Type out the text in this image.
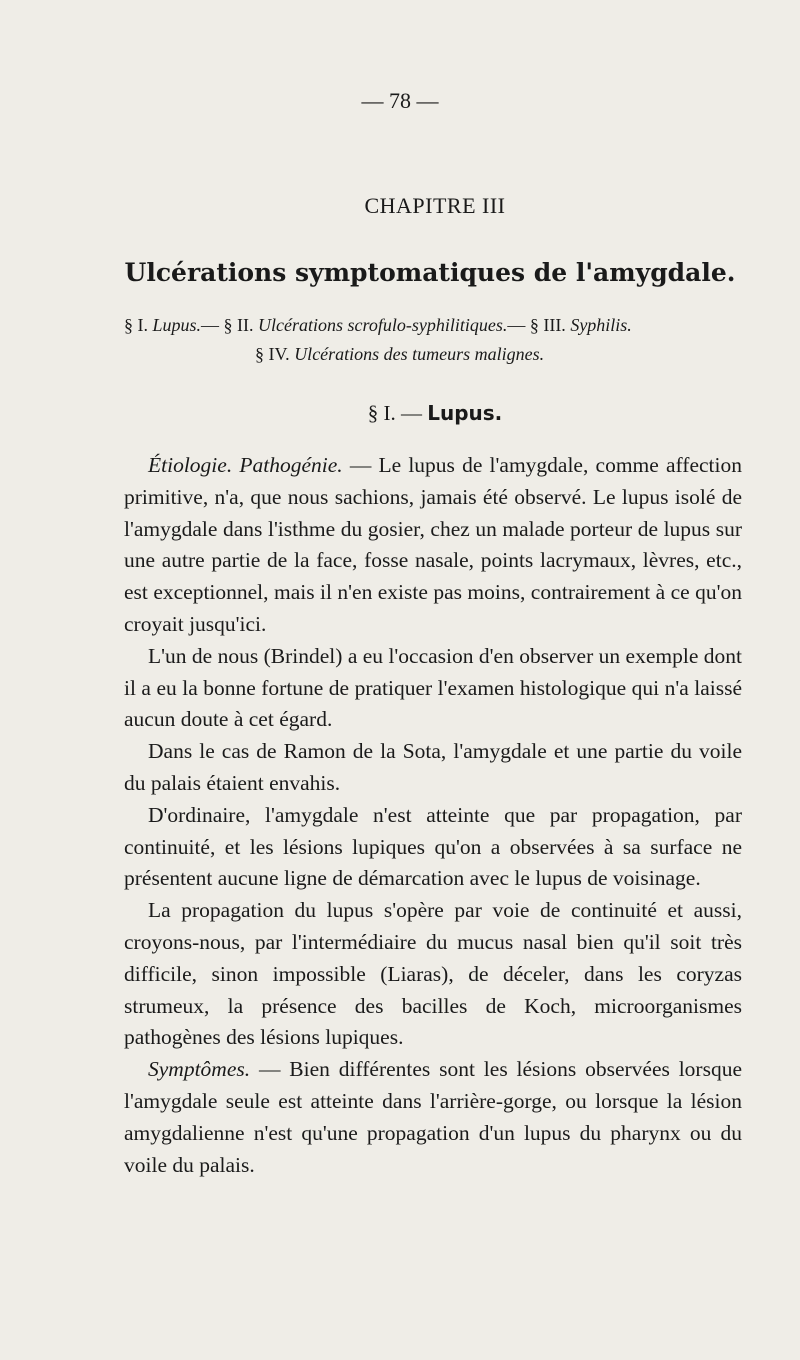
— 78 —
CHAPITRE III
Ulcérations symptomatiques de l'amygdale.
§ I. Lupus.— § II. Ulcérations scrofulo-syphilitiques.— § III. Syphilis.
§ IV. Ulcérations des tumeurs malignes.
§ I. — Lupus.

Étiologie. Pathogénie. — Le lupus de l'amygdale, comme affection primitive, n'a, que nous sachions, jamais été observé. Le lupus isolé de l'amygdale dans l'isthme du gosier, chez un malade porteur de lupus sur une autre partie de la face, fosse nasale, points lacrymaux, lèvres, etc., est exceptionnel, mais il n'en existe pas moins, contrairement à ce qu'on croyait jusqu'ici.

L'un de nous (Brindel) a eu l'occasion d'en observer un exemple dont il a eu la bonne fortune de pratiquer l'examen histologique qui n'a laissé aucun doute à cet égard.

Dans le cas de Ramon de la Sota, l'amygdale et une partie du voile du palais étaient envahis.

D'ordinaire, l'amygdale n'est atteinte que par propagation, par continuité, et les lésions lupiques qu'on a observées à sa surface ne présentent aucune ligne de démarcation avec le lupus de voisinage.

La propagation du lupus s'opère par voie de continuité et aussi, croyons-nous, par l'intermédiaire du mucus nasal bien qu'il soit très difficile, sinon impossible (Liaras), de déceler, dans les coryzas strumeux, la présence des bacilles de Koch, microorganismes pathogènes des lésions lupiques.

Symptômes. — Bien différentes sont les lésions observées lorsque l'amygdale seule est atteinte dans l'arrière-gorge, ou lorsque la lésion amygdalienne n'est qu'une propagation d'un lupus du pharynx ou du voile du palais.
